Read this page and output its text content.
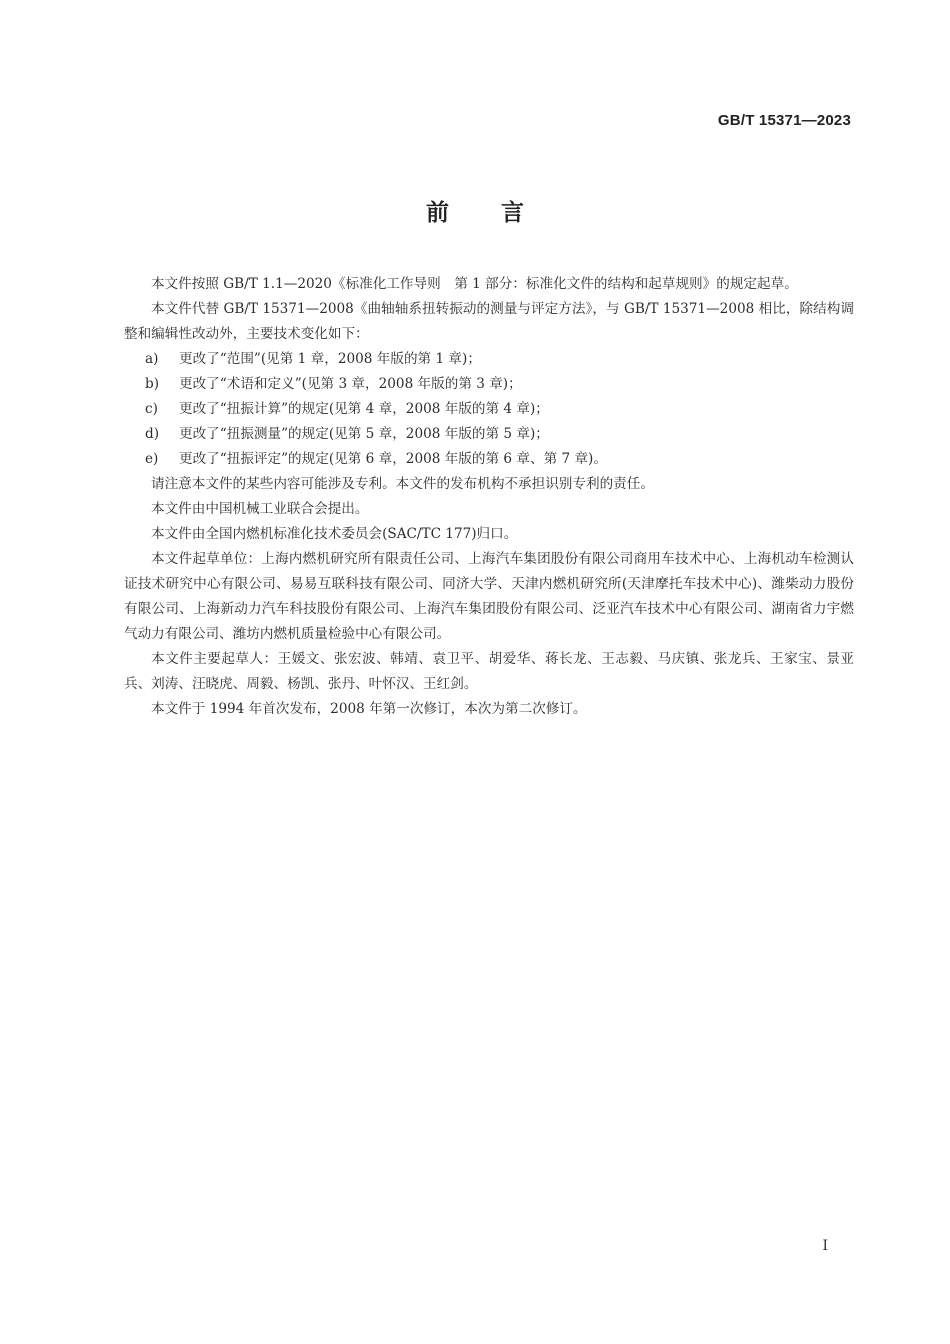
GB/T 15371—2023
前言

本文件按照 GB/T 1.1—2020《标准化工作导则　第 1 部分：标准化文件的结构和起草规则》的规定起草。

本文件代替 GB/T 15371—2008《曲轴轴系扭转振动的测量与评定方法》，与 GB/T 15371—2008 相比，除结构调整和编辑性改动外，主要技术变化如下：

a) 更改了“范围”(见第 1 章，2008 年版的第 1 章)；

b) 更改了“术语和定义”(见第 3 章，2008 年版的第 3 章)；

c) 更改了“扭振计算”的规定(见第 4 章，2008 年版的第 4 章)；

d) 更改了“扭振测量”的规定(见第 5 章，2008 年版的第 5 章)；

e) 更改了“扭振评定”的规定(见第 6 章，2008 年版的第 6 章、第 7 章)。

请注意本文件的某些内容可能涉及专利。本文件的发布机构不承担识别专利的责任。

本文件由中国机械工业联合会提出。

本文件由全国内燃机标准化技术委员会(SAC/TC 177)归口。

本文件起草单位：上海内燃机研究所有限责任公司、上海汽车集团股份有限公司商用车技术中心、上海机动车检测认证技术研究中心有限公司、易易互联科技有限公司、同济大学、天津内燃机研究所(天津摩托车技术中心)、潍柴动力股份有限公司、上海新动力汽车科技股份有限公司、上海汽车集团股份有限公司、泛亚汽车技术中心有限公司、湖南省力宇燃气动力有限公司、潍坊内燃机质量检验中心有限公司。

本文件主要起草人：王媛文、张宏波、韩靖、袁卫平、胡爱华、蒋长龙、王志毅、马庆镇、张龙兵、王家宝、景亚兵、刘涛、汪晓虎、周毅、杨凯、张丹、叶怀汉、王红剑。

本文件于 1994 年首次发布，2008 年第一次修订，本次为第二次修订。

I
